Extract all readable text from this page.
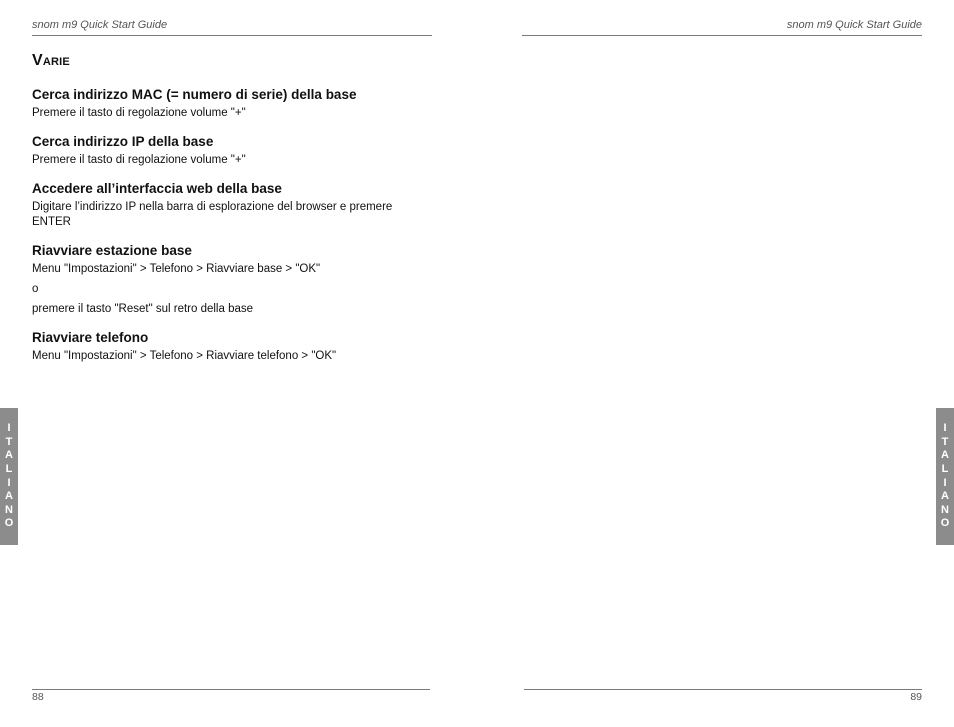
snom m9 Quick Start Guide	snom m9 Quick Start Guide
Varie
Cerca indirizzo MAC (= numero di serie) della base

Premere il tasto di regolazione volume "+"

Cerca indirizzo IP della base

Premere il tasto di regolazione volume "+"

Accedere all’interfaccia web della base

Digitare l’indirizzo IP nella barra di esplorazione del browser e premere ENTER

Riavviare estazione base

Menu "Impostazioni" > Telefono > Riavviare base > "OK"

o

premere il tasto "Reset" sul retro della base

Riavviare telefono

Menu "Impostazioni" > Telefono > Riavviare telefono > "OK"

I
T
A
L
I
A
N
O
I
T
A
L
I
A
N
O
88	89
